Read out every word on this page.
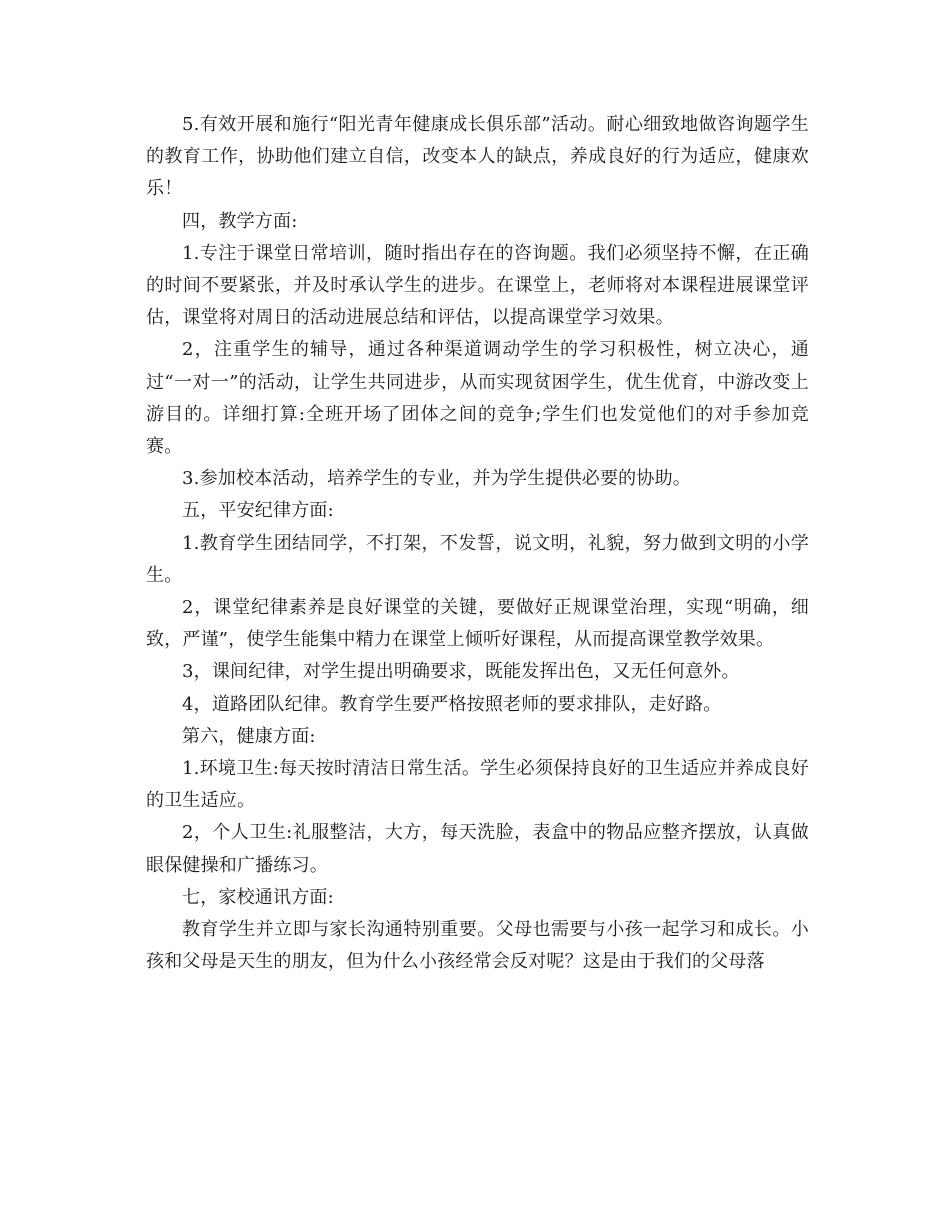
5.有效开展和施行“阳光青年健康成长俱乐部”活动。耐心细致地做咨询题学生的教育工作，协助他们建立自信，改变本人的缺点，养成良好的行为适应，健康欢乐！

四，教学方面:

1.专注于课堂日常培训，随时指出存在的咨询题。我们必须坚持不懈，在正确的时间不要紧张，并及时承认学生的进步。在课堂上，老师将对本课程进展课堂评估，课堂将对周日的活动进展总结和评估，以提高课堂学习效果。

2，注重学生的辅导，通过各种渠道调动学生的学习积极性，树立决心，通过“一对一”的活动，让学生共同进步，从而实现贫困学生，优生优育，中游改变上游目的。详细打算:全班开场了团体之间的竞争;学生们也发觉他们的对手参加竞赛。

3.参加校本活动，培养学生的专业，并为学生提供必要的协助。

五，平安纪律方面:

1.教育学生团结同学，不打架，不发誓，说文明，礼貌，努力做到文明的小学生。

2，课堂纪律素养是良好课堂的关键，要做好正规课堂治理，实现“明确，细致，严谨”，使学生能集中精力在课堂上倾听好课程，从而提高课堂教学效果。

3，课间纪律，对学生提出明确要求，既能发挥出色，又无任何意外。

4，道路团队纪律。教育学生要严格按照老师的要求排队，走好路。

第六，健康方面:

1.环境卫生:每天按时清洁日常生活。学生必须保持良好的卫生适应并养成良好的卫生适应。

2，个人卫生:礼服整洁，大方，每天洗脸，表盒中的物品应整齐摆放，认真做眼保健操和广播练习。

七，家校通讯方面:

教育学生并立即与家长沟通特别重要。父母也需要与小孩一起学习和成长。小孩和父母是天生的朋友，但为什么小孩经常会反对呢？这是由于我们的父母落
